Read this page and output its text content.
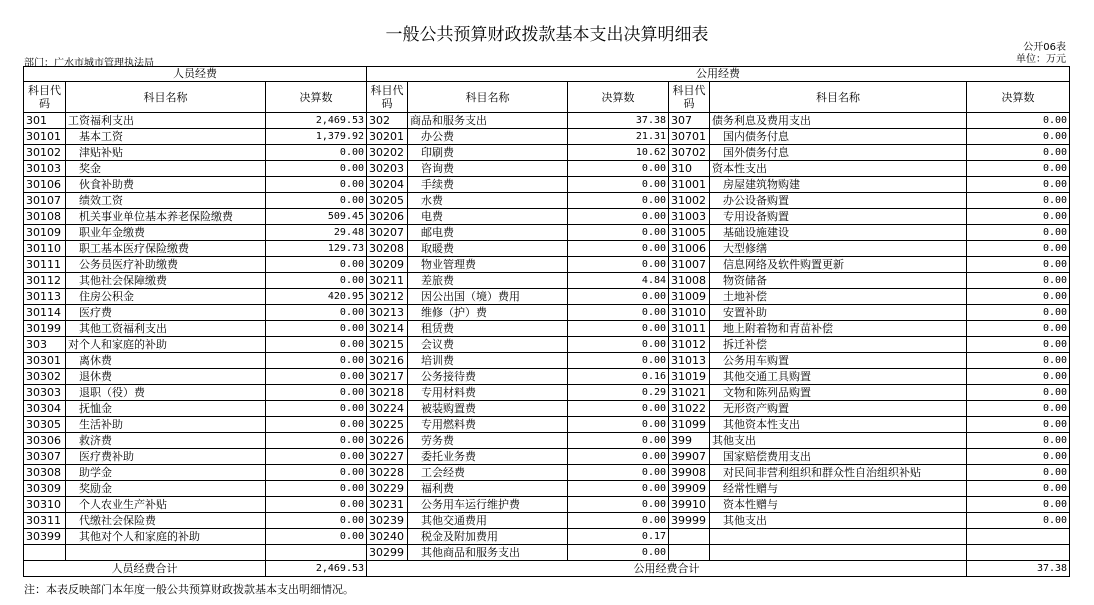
一般公共预算财政拨款基本支出决算明细表
部门：广水市城市管理执法局
公开06表
单位：万元
人员经费			公用经费					
科目代码	科目名称	决算数	科目代码	科目名称	决算数	科目代码	科目名称	决算数
301	工资福利支出	2,469.53	302	商品和服务支出	37.38	307	债务利息及费用支出	0.00
30101	基本工资	1,379.92	30201	办公费	21.31	30701	国内债务付息	0.00
30102	津贴补贴	0.00	30202	印刷费	10.62	30702	国外债务付息	0.00
30103	奖金	0.00	30203	咨询费	0.00	310	资本性支出	0.00
30106	伙食补助费	0.00	30204	手续费	0.00	31001	房屋建筑物购建	0.00
30107	绩效工资	0.00	30205	水费	0.00	31002	办公设备购置	0.00
30108	机关事业单位基本养老保险缴费	509.45	30206	电费	0.00	31003	专用设备购置	0.00
30109	职业年金缴费	29.48	30207	邮电费	0.00	31005	基础设施建设	0.00
30110	职工基本医疗保险缴费	129.73	30208	取暖费	0.00	31006	大型修缮	0.00
30111	公务员医疗补助缴费	0.00	30209	物业管理费	0.00	31007	信息网络及软件购置更新	0.00
30112	其他社会保障缴费	0.00	30211	差旅费	4.84	31008	物资储备	0.00
30113	住房公积金	420.95	30212	因公出国（境）费用	0.00	31009	土地补偿	0.00
30114	医疗费	0.00	30213	维修（护）费	0.00	31010	安置补助	0.00
30199	其他工资福利支出	0.00	30214	租赁费	0.00	31011	地上附着物和青苗补偿	0.00
303	对个人和家庭的补助	0.00	30215	会议费	0.00	31012	拆迁补偿	0.00
30301	离休费	0.00	30216	培训费	0.00	31013	公务用车购置	0.00
30302	退休费	0.00	30217	公务接待费	0.16	31019	其他交通工具购置	0.00
30303	退职（役）费	0.00	30218	专用材料费	0.29	31021	文物和陈列品购置	0.00
30304	抚恤金	0.00	30224	被装购置费	0.00	31022	无形资产购置	0.00
30305	生活补助	0.00	30225	专用燃料费	0.00	31099	其他资本性支出	0.00
30306	救济费	0.00	30226	劳务费	0.00	399	其他支出	0.00
30307	医疗费补助	0.00	30227	委托业务费	0.00	39907	国家赔偿费用支出	0.00
30308	助学金	0.00	30228	工会经费	0.00	39908	对民间非营利组织和群众性自治组织补贴	0.00
30309	奖励金	0.00	30229	福利费	0.00	39909	经常性赠与	0.00
30310	个人农业生产补贴	0.00	30231	公务用车运行维护费	0.00	39910	资本性赠与	0.00
30311	代缴社会保险费	0.00	30239	其他交通费用	0.00	39999	其他支出	0.00
30399	其他对个人和家庭的补助	0.00	30240	税金及附加费用	0.17			
			30299	其他商品和服务支出	0.00			
人员经费合计		2,469.53	公用经费合计					37.38
注：本表反映部门本年度一般公共预算财政拨款基本支出明细情况。
